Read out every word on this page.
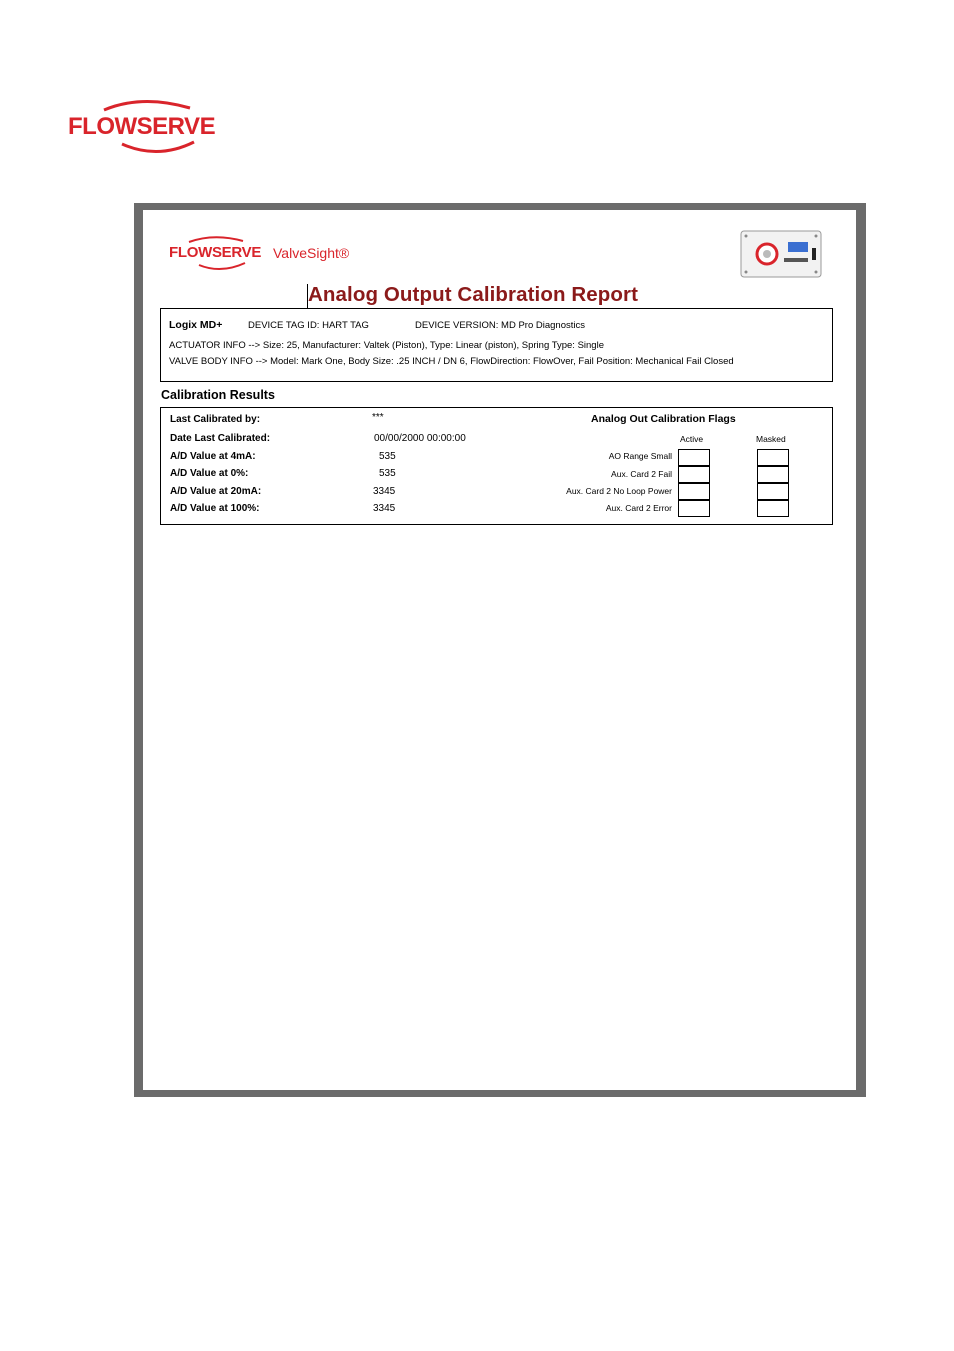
FLOWSERVE
FLOWSERVE ValveSight®
Analog Output Calibration Report
Logix MD+	DEVICE TAG ID: HART TAG	DEVICE VERSION: MD Pro Diagnostics
ACTUATOR INFO --> Size: 25, Manufacturer: Valtek (Piston), Type: Linear (piston), Spring Type: Single
VALVE BODY INFO --> Model: Mark One, Body Size: .25 INCH / DN 6, FlowDirection: FlowOver, Fail Position: Mechanical Fail Closed
Calibration Results
Last Calibrated by:	***
Date Last Calibrated:	00/00/2000 00:00:00
A/D Value at 4mA:	535
A/D Value at 0%:	535
A/D Value at 20mA:	3345
A/D Value at 100%:	3345
Analog Out Calibration Flags
Active	Masked
AO Range Small
Aux. Card 2 Fail
Aux. Card 2 No Loop Power
Aux. Card 2 Error
